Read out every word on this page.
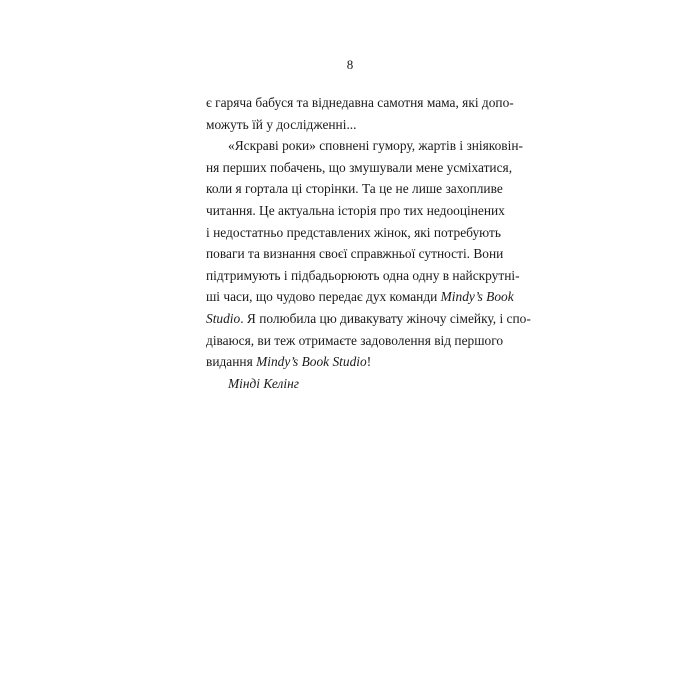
8
є гаряча бабуся та віднедавна самотня мама, які допо-
можуть їй у дослідженні...
«Яскраві роки» сповнені гумору, жартів і зніяковін-
ня перших побачень, що змушували мене усміхатися,
коли я гортала ці сторінки. Та це не лише захопливе
читання. Це актуальна історія про тих недооцінених
і недостатньо представлених жінок, які потребують
поваги та визнання своєї справжньої сутності. Вони
підтримують і підбадьорюють одна одну в найскрутні-
ші часи, що чудово передає дух команди Mindy’s Book
Studio. Я полюбила цю дивакувату жіночу сімейку, і спо-
діваюся, ви теж отримаєте задоволення від першого
видання Mindy’s Book Studio!
Мінді Келінг
